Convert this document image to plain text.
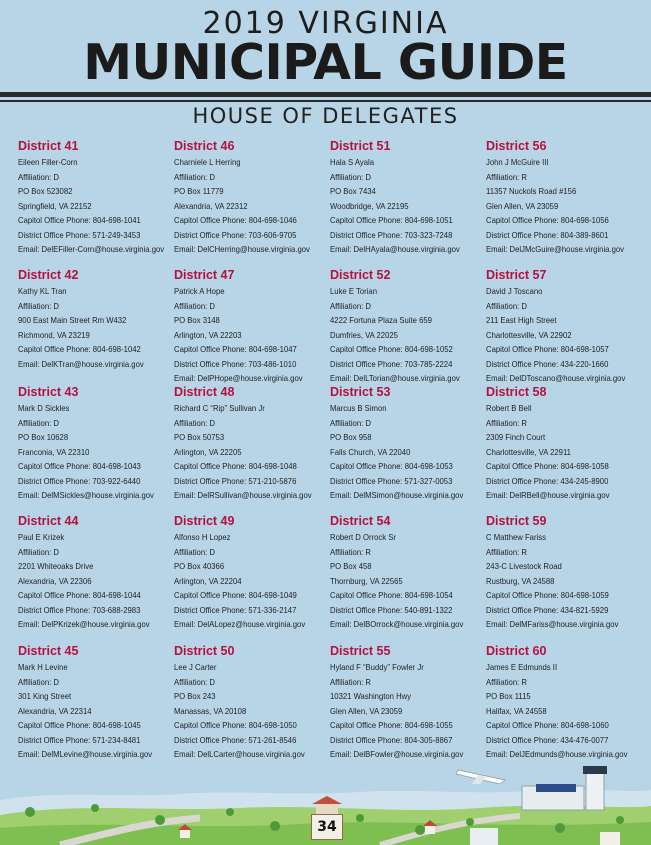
2019 VIRGINIA
MUNICIPAL GUIDE
HOUSE OF DELEGATES
District 41
Eileen Filler-Corn
Affiliation: D
PO Box 523082
Springfield, VA 22152
Capitol Office Phone: 804-698-1041
District Office Phone: 571-249-3453
Email: DelEFiller-Corn@house.virginia.gov
District 42
Kathy KL Tran
Affiliation: D
900 East Main Street Rm W432
Richmond, VA 23219
Capitol Office Phone: 804-698-1042
Email: DelKTran@house.virginia.gov
District 43
Mark D Sickles
Affiliation: D
PO Box 10628
Franconia, VA 22310
Capitol Office Phone: 804-698-1043
District Office Phone: 703-922-6440
Email: DelMSickles@house.virginia.gov
District 44
Paul E Krizek
Affiliation: D
2201 Whiteoaks Drive
Alexandria, VA 22306
Capitol Office Phone: 804-698-1044
District Office Phone: 703-688-2983
Email: DelPKrizek@house.virginia.gov
District 45
Mark H Levine
Affiliation: D
301 King Street
Alexandria, VA 22314
Capitol Office Phone: 804-698-1045
District Office Phone: 571-234-8481
Email: DelMLevine@house.virginia.gov
District 46
Charniele L Herring
Affiliation: D
PO Box 11779
Alexandria, VA 22312
Capitol Office Phone: 804-698-1046
District Office Phone: 703-606-9705
Email: DelCHerring@house.virginia.gov
District 47
Patrick A Hope
Affiliation: D
PO Box 3148
Arlington, VA 22203
Capitol Office Phone: 804-698-1047
District Office Phone: 703-486-1010
Email: DelPHope@house.virginia.gov
District 48
Richard C “Rip” Sullivan Jr
Affiliation: D
PO Box 50753
Arlington, VA 22205
Capitol Office Phone: 804-698-1048
District Office Phone: 571-210-5876
Email: DelRSullivan@house.virginia.gov
District 49
Alfonso H Lopez
Affiliation: D
PO Box 40366
Arlington, VA 22204
Capitol Office Phone: 804-698-1049
District Office Phone: 571-336-2147
Email: DelALopez@house.virginia.gov
District 50
Lee J Carter
Affiliation: D
PO Box 243
Manassas, VA 20108
Capitol Office Phone: 804-698-1050
District Office Phone: 571-261-8546
Email: DelLCarter@house.virginia.gov
District 51
Hala S Ayala
Affiliation: D
PO Box 7434
Woodbridge, VA 22195
Capitol Office Phone: 804-698-1051
District Office Phone: 703-323-7248
Email: DelHAyala@house.virginia.gov
District 52
Luke E Torian
Affiliation: D
4222 Fortuna Plaza Suite 659
Dumfries, VA 22025
Capitol Office Phone: 804-698-1052
District Office Phone: 703-785-2224
Email: DelLTorian@house.virginia.gov
District 53
Marcus B Simon
Affiliation: D
PO Box 958
Falls Church, VA 22040
Capitol Office Phone: 804-698-1053
District Office Phone: 571-327-0053
Email: DelMSimon@house.virginia.gov
District 54
Robert D Orrock Sr
Affiliation: R
PO Box 458
Thornburg, VA 22565
Capitol Office Phone: 804-698-1054
District Office Phone: 540-891-1322
Email: DelBOrrock@house.virginia.gov
District 55
Hyland F “Buddy” Fowler Jr
Affiliation: R
10321 Washington Hwy
Glen Allen, VA 23059
Capitol Office Phone: 804-698-1055
District Office Phone: 804-305-8867
Email: DelBFowler@house.virginia.gov
District 56
John J McGuire III
Affiliation: R
11357 Nuckols Road #156
Glen Allen, VA 23059
Capitol Office Phone: 804-698-1056
District Office Phone: 804-389-8601
Email: DelJMcGuire@house.virginia.gov
District 57
David J Toscano
Affiliation: D
211 East High Street
Charlottesville, VA 22902
Capitol Office Phone: 804-698-1057
District Office Phone: 434-220-1660
Email: DelDToscano@house.virginia.gov
District 58
Robert B Bell
Affiliation: R
2309 Finch Court
Charlottesville, VA 22911
Capitol Office Phone: 804-698-1058
District Office Phone: 434-245-8900
Email: DelRBell@house.virginia.gov
District 59
C Matthew Fariss
Affiliation: R
243-C Livestock Road
Rustburg, VA 24588
Capitol Office Phone: 804-698-1059
District Office Phone: 434-821-5929
Email: DelMFariss@house.virginia.gov
District 60
James E Edmunds II
Affiliation: R
PO Box 1115
Halifax, VA 24558
Capitol Office Phone: 804-698-1060
District Office Phone: 434-476-0077
Email: DelJEdmunds@house.virginia.gov
34
